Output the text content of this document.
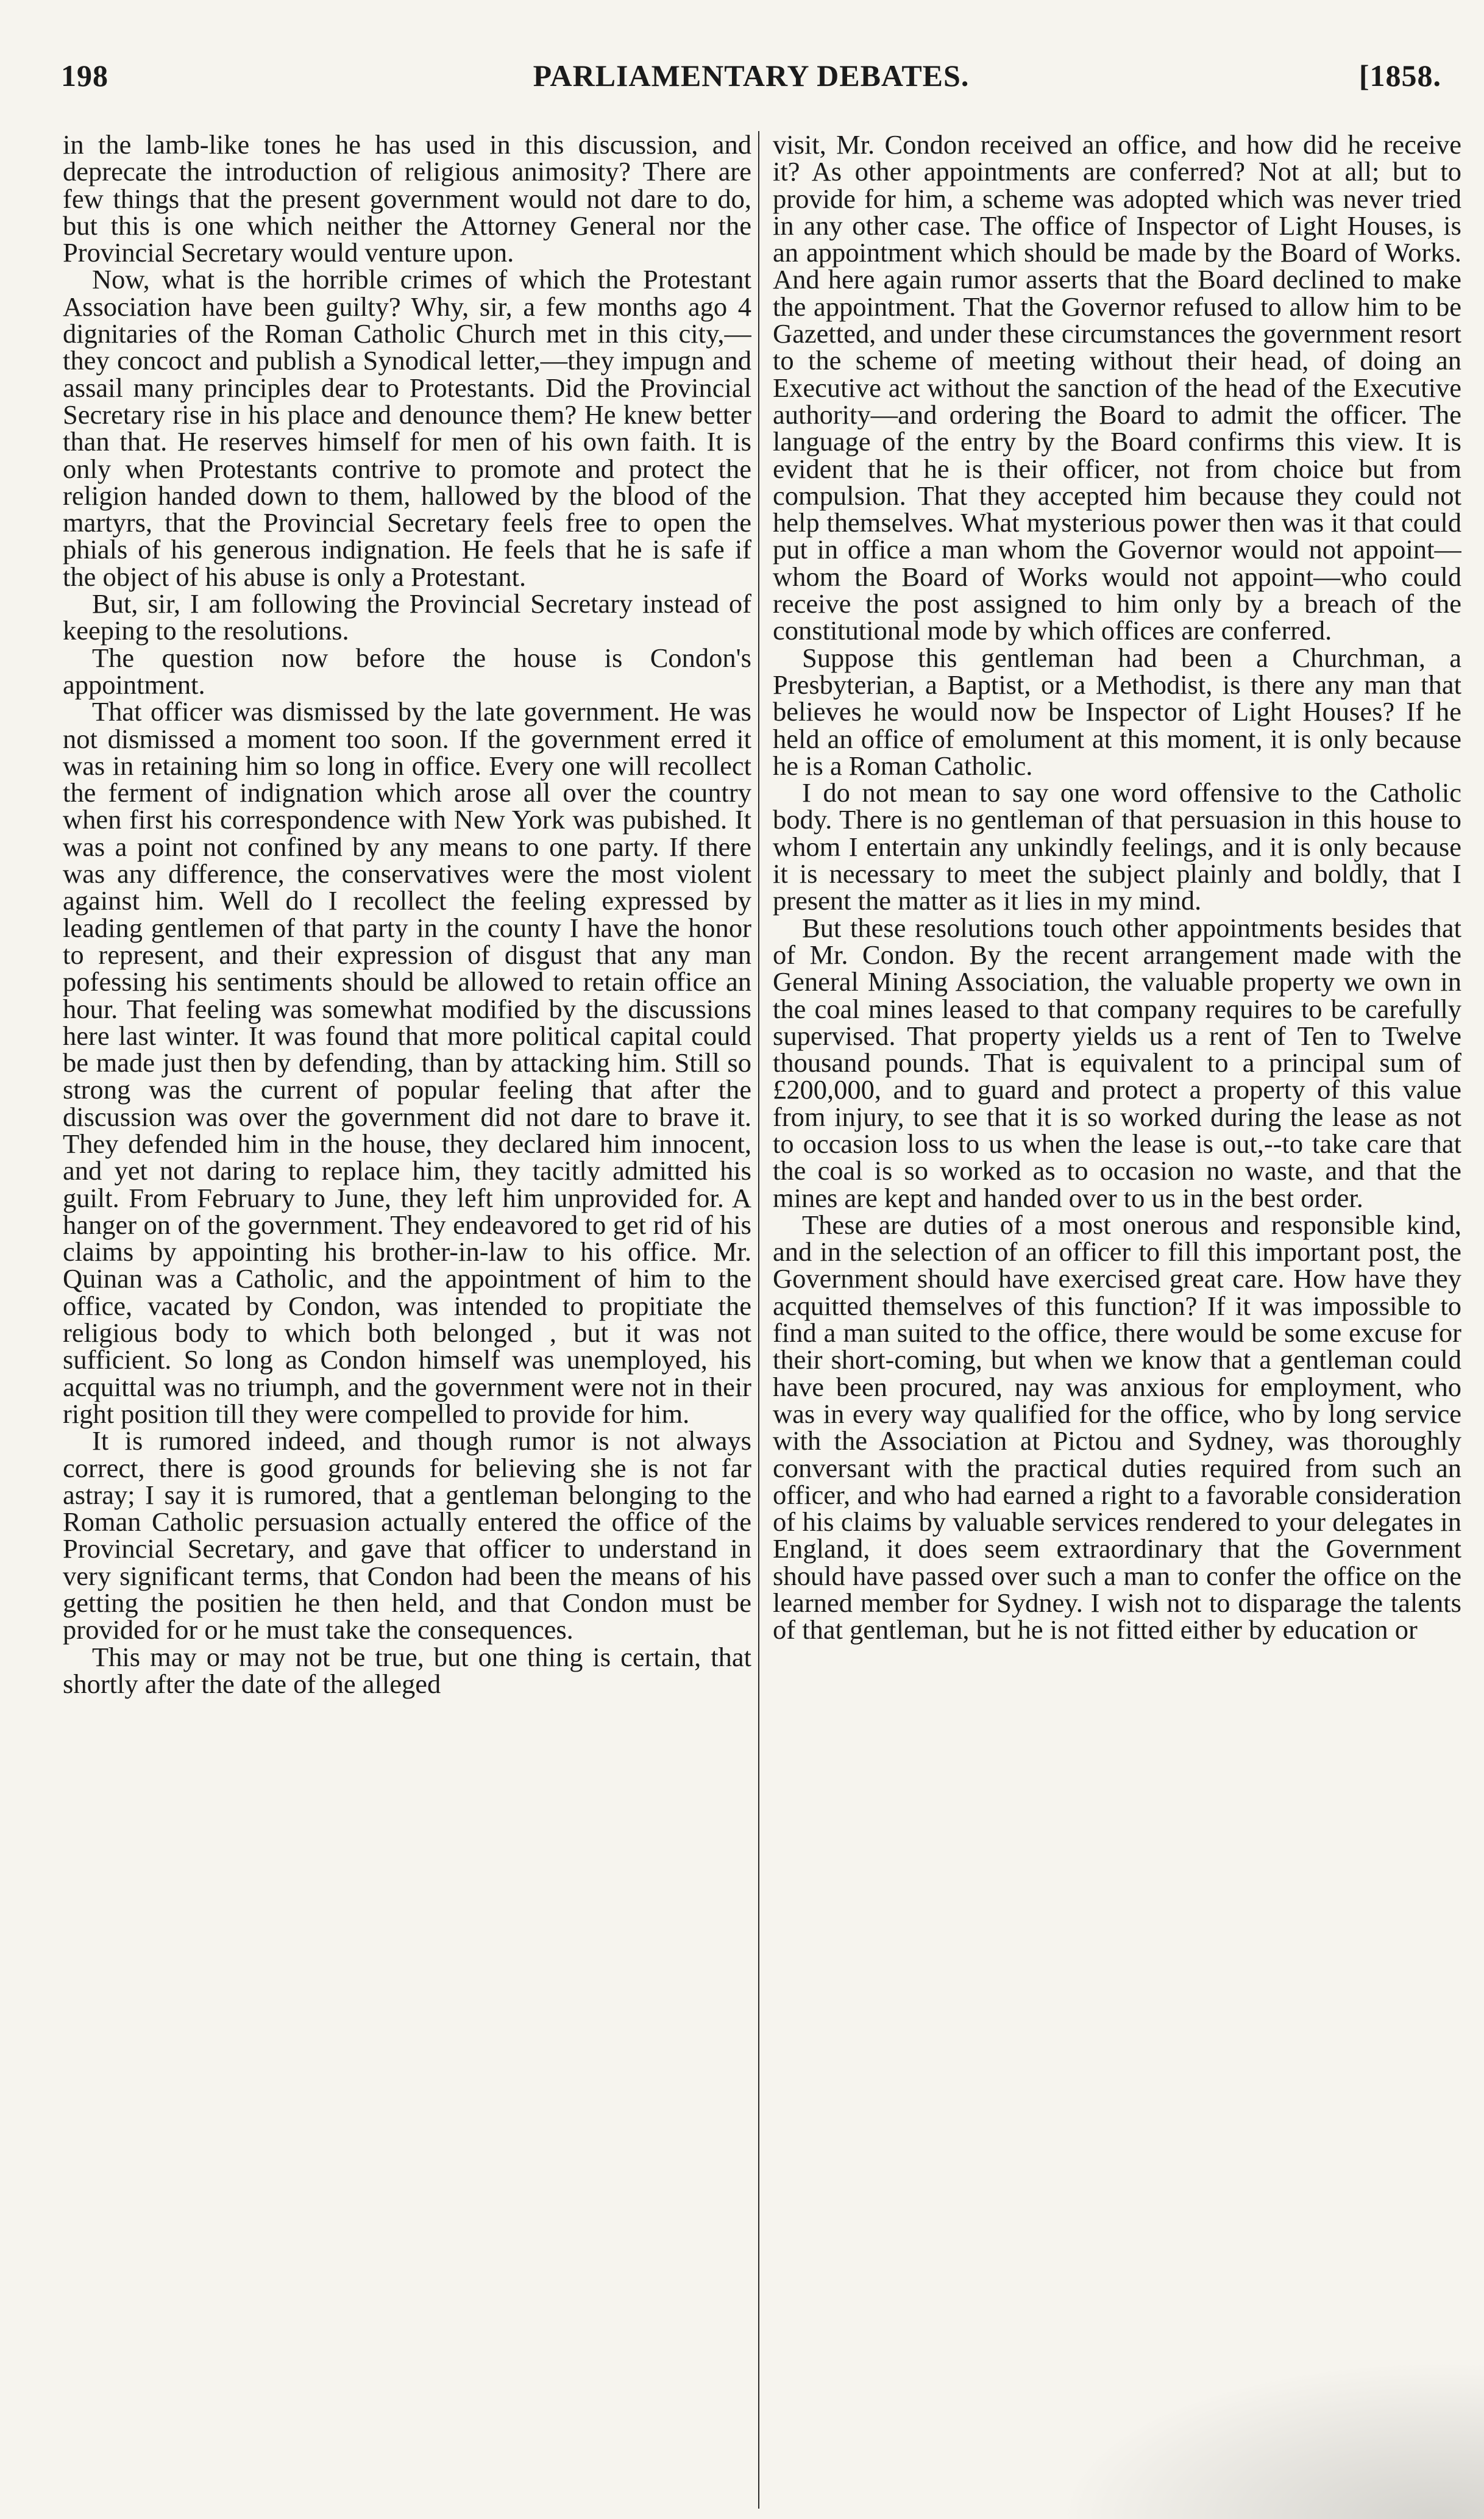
198	PARLIAMENTARY DEBATES.	[1858.

in the lamb-like tones he has used in this discussion, and deprecate the introduction of religious animosity? There are few things that the present government would not dare to do, but this is one which neither the Attorney General nor the Provincial Secretary would venture upon.

Now, what is the horrible crimes of which the Protestant Association have been guilty? Why, sir, a few months ago 4 dignitaries of the Roman Catholic Church met in this city,—they concoct and publish a Synodical letter,—they impugn and assail many principles dear to Protestants. Did the Provincial Secretary rise in his place and denounce them? He knew better than that. He reserves himself for men of his own faith. It is only when Protestants contrive to promote and protect the religion handed down to them, hallowed by the blood of the martyrs, that the Provincial Secretary feels free to open the phials of his generous indignation. He feels that he is safe if the object of his abuse is only a Protestant.

But, sir, I am following the Provincial Secretary instead of keeping to the resolutions.

The question now before the house is Condon's appointment.

That officer was dismissed by the late government. He was not dismissed a moment too soon. If the government erred it was in retaining him so long in office. Every one will recollect the ferment of indignation which arose all over the country when first his correspondence with New York was pubished. It was a point not confined by any means to one party. If there was any difference, the conservatives were the most violent against him. Well do I recollect the feeling expressed by leading gentlemen of that party in the county I have the honor to represent, and their expression of disgust that any man pofessing his sentiments should be allowed to retain office an hour. That feeling was somewhat modified by the discussions here last winter. It was found that more political capital could be made just then by defending, than by attacking him. Still so strong was the current of popular feeling that after the discussion was over the government did not dare to brave it. They defended him in the house, they declared him innocent, and yet not daring to replace him, they tacitly admitted his guilt. From February to June, they left him unprovided for. A hanger on of the government. They endeavored to get rid of his claims by appointing his brother-in-law to his office. Mr. Quinan was a Catholic, and the appointment of him to the office, vacated by Condon, was intended to propitiate the religious body to which both belonged , but it was not sufficient. So long as Condon himself was unemployed, his acquittal was no triumph, and the government were not in their right position till they were compelled to provide for him.

It is rumored indeed, and though rumor is not always correct, there is good grounds for believing she is not far astray; I say it is rumored, that a gentleman belonging to the Roman Catholic persuasion actually entered the office of the Provincial Secretary, and gave that officer to understand in very significant terms, that Condon had been the means of his getting the positien he then held, and that Condon must be provided for or he must take the consequences.

This may or may not be true, but one thing is certain, that shortly after the date of the alleged

visit, Mr. Condon received an office, and how did he receive it? As other appointments are conferred? Not at all; but to provide for him, a scheme was adopted which was never tried in any other case. The office of Inspector of Light Houses, is an appointment which should be made by the Board of Works. And here again rumor asserts that the Board declined to make the appointment. That the Governor refused to allow him to be Gazetted, and under these circumstances the government resort to the scheme of meeting without their head, of doing an Executive act without the sanction of the head of the Executive authority—and ordering the Board to admit the officer. The language of the entry by the Board confirms this view. It is evident that he is their officer, not from choice but from compulsion. That they accepted him because they could not help themselves. What mysterious power then was it that could put in office a man whom the Governor would not appoint—whom the Board of Works would not appoint—who could receive the post assigned to him only by a breach of the constitutional mode by which offices are conferred.

Suppose this gentleman had been a Churchman, a Presbyterian, a Baptist, or a Methodist, is there any man that believes he would now be Inspector of Light Houses? If he held an office of emolument at this moment, it is only because he is a Roman Catholic.

I do not mean to say one word offensive to the Catholic body. There is no gentleman of that persuasion in this house to whom I entertain any unkindly feelings, and it is only because it is necessary to meet the subject plainly and boldly, that I present the matter as it lies in my mind.

But these resolutions touch other appointments besides that of Mr. Condon. By the recent arrangement made with the General Mining Association, the valuable property we own in the coal mines leased to that company requires to be carefully supervised. That property yields us a rent of Ten to Twelve thousand pounds. That is equivalent to a principal sum of £200,000, and to guard and protect a property of this value from injury, to see that it is so worked during the lease as not to occasion loss to us when the lease is out,--to take care that the coal is so worked as to occasion no waste, and that the mines are kept and handed over to us in the best order.

These are duties of a most onerous and responsible kind, and in the selection of an officer to fill this important post, the Government should have exercised great care. How have they acquitted themselves of this function? If it was impossible to find a man suited to the office, there would be some excuse for their short-coming, but when we know that a gentleman could have been procured, nay was anxious for employment, who was in every way qualified for the office, who by long service with the Association at Pictou and Sydney, was thoroughly conversant with the practical duties required from such an officer, and who had earned a right to a favorable consideration of his claims by valuable services rendered to your delegates in England, it does seem extraordinary that the Government should have passed over such a man to confer the office on the learned member for Sydney. I wish not to disparage the talents of that gentleman, but he is not fitted either by education or
